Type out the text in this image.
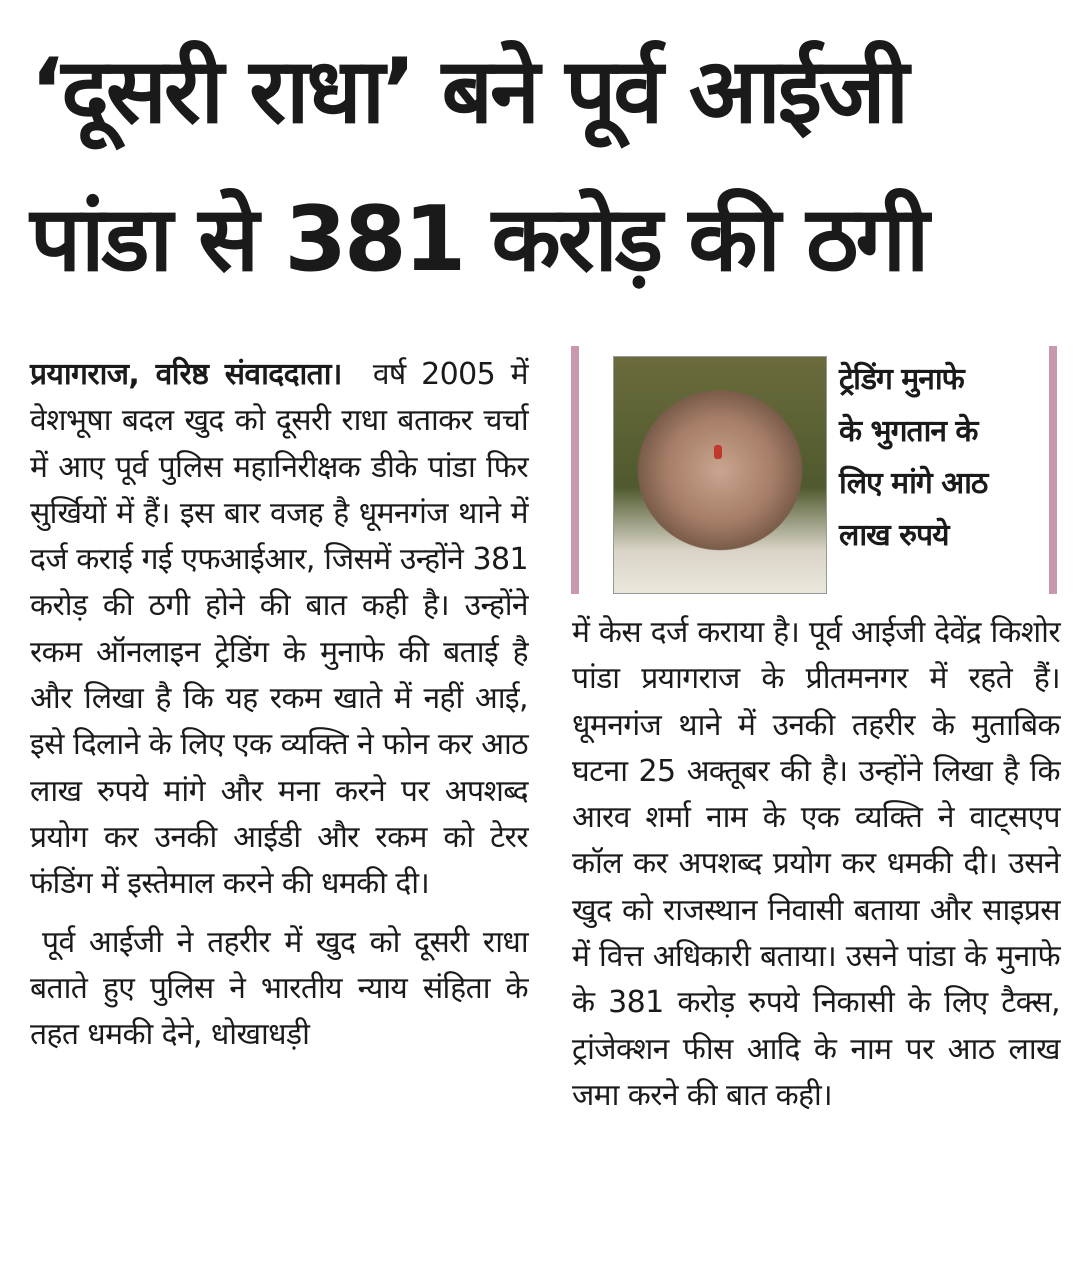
‘दूसरी राधा’ बने पूर्व आईजी
पांडा से 381 करोड़ की ठगी

प्रयागराज, वरिष्ठ संवाददाता। वर्ष 2005 में वेशभूषा बदल खुद को दूसरी राधा बताकर चर्चा में आए पूर्व पुलिस महानिरीक्षक डीके पांडा फिर सुर्खियों में हैं। इस बार वजह है धूमनगंज थाने में दर्ज कराई गई एफआईआर, जिसमें उन्होंने 381 करोड़ की ठगी होने की बात कही है। उन्होंने रकम ऑनलाइन ट्रेडिंग के मुनाफे की बताई है और लिखा है कि यह रकम खाते में नहीं आई, इसे दिलाने के लिए एक व्यक्ति ने फोन कर आठ लाख रुपये मांगे और मना करने पर अपशब्द प्रयोग कर उनकी आईडी और रकम को टेरर फंडिंग में इस्तेमाल करने की धमकी दी।

पूर्व आईजी ने तहरीर में खुद को दूसरी राधा बताते हुए पुलिस ने भारतीय न्याय संहिता के तहत धमकी देने, धोखाधड़ी

ट्रेडिंग मुनाफे
के भुगतान के
लिए मांगे आठ
लाख रुपये

में केस दर्ज कराया है। पूर्व आईजी देवेंद्र किशोर पांडा प्रयागराज के प्रीतमनगर में रहते हैं। धूमनगंज थाने में उनकी तहरीर के मुताबिक घटना 25 अक्तूबर की है। उन्होंने लिखा है कि आरव शर्मा नाम के एक व्यक्ति ने वाट्सएप कॉल कर अपशब्द प्रयोग कर धमकी दी। उसने खुद को राजस्थान निवासी बताया और साइप्रस में वित्त अधिकारी बताया। उसने पांडा के मुनाफे के 381 करोड़ रुपये निकासी के लिए टैक्स, ट्रांजेक्शन फीस आदि के नाम पर आठ लाख जमा करने की बात कही।
